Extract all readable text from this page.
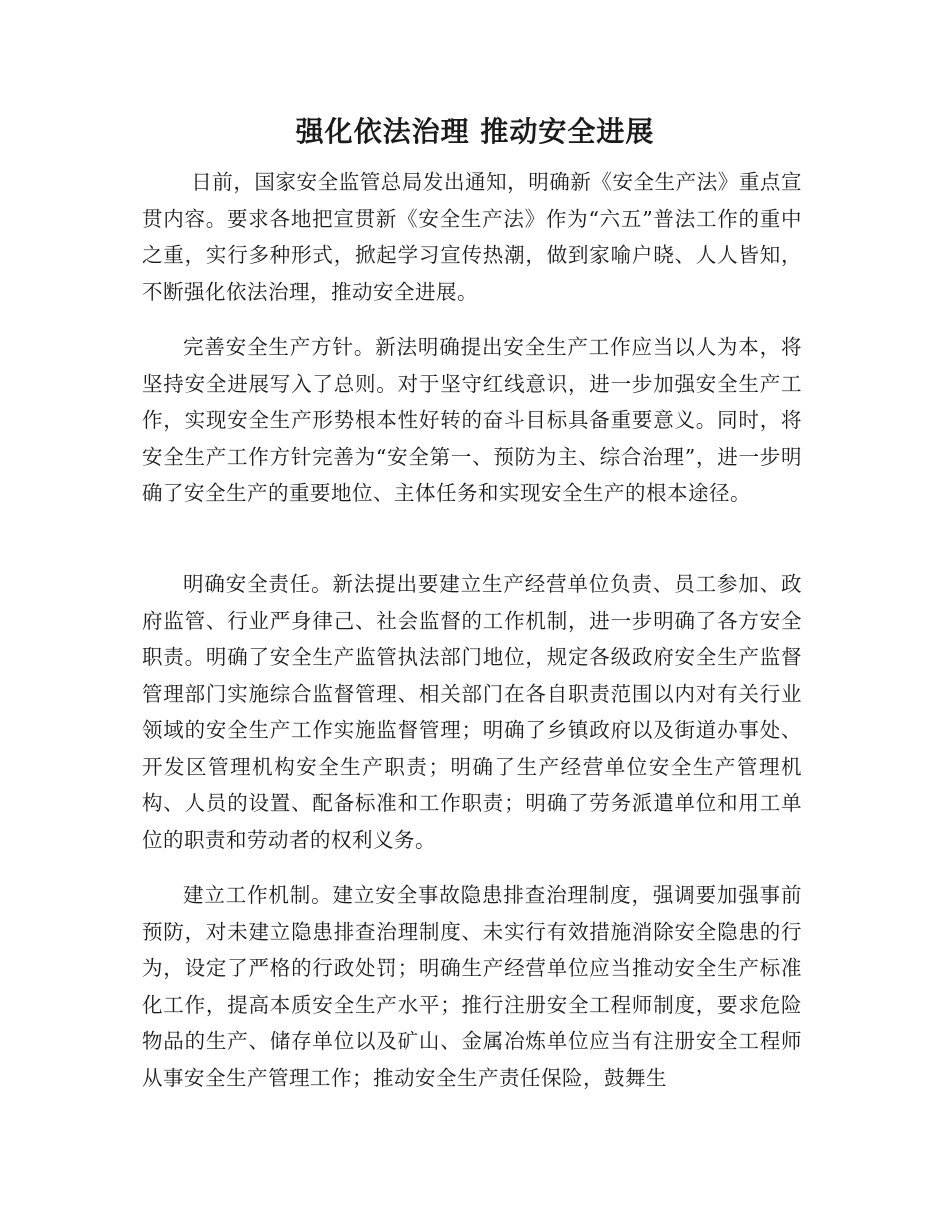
强化依法治理 推动安全进展

日前，国家安全监管总局发出通知，明确新《安全生产法》重点宣贯内容。要求各地把宣贯新《安全生产法》作为“六五”普法工作的重中之重，实行多种形式，掀起学习宣传热潮，做到家喻户晓、人人皆知，不断强化依法治理，推动安全进展。

完善安全生产方针。新法明确提出安全生产工作应当以人为本，将坚持安全进展写入了总则。对于坚守红线意识，进一步加强安全生产工作，实现安全生产形势根本性好转的奋斗目标具备重要意义。同时，将安全生产工作方针完善为“安全第一、预防为主、综合治理”，进一步明确了安全生产的重要地位、主体任务和实现安全生产的根本途径。

明确安全责任。新法提出要建立生产经营单位负责、员工参加、政府监管、行业严身律己、社会监督的工作机制，进一步明确了各方安全职责。明确了安全生产监管执法部门地位，规定各级政府安全生产监督管理部门实施综合监督管理、相关部门在各自职责范围以内对有关行业领域的安全生产工作实施监督管理；明确了乡镇政府以及街道办事处、开发区管理机构安全生产职责；明确了生产经营单位安全生产管理机构、人员的设置、配备标准和工作职责；明确了劳务派遣单位和用工单位的职责和劳动者的权利义务。

建立工作机制。建立安全事故隐患排查治理制度，强调要加强事前预防，对未建立隐患排查治理制度、未实行有效措施消除安全隐患的行为，设定了严格的行政处罚；明确生产经营单位应当推动安全生产标准化工作，提高本质安全生产水平；推行注册安全工程师制度，要求危险物品的生产、储存单位以及矿山、金属冶炼单位应当有注册安全工程师从事安全生产管理工作；推动安全生产责任保险，鼓舞生
